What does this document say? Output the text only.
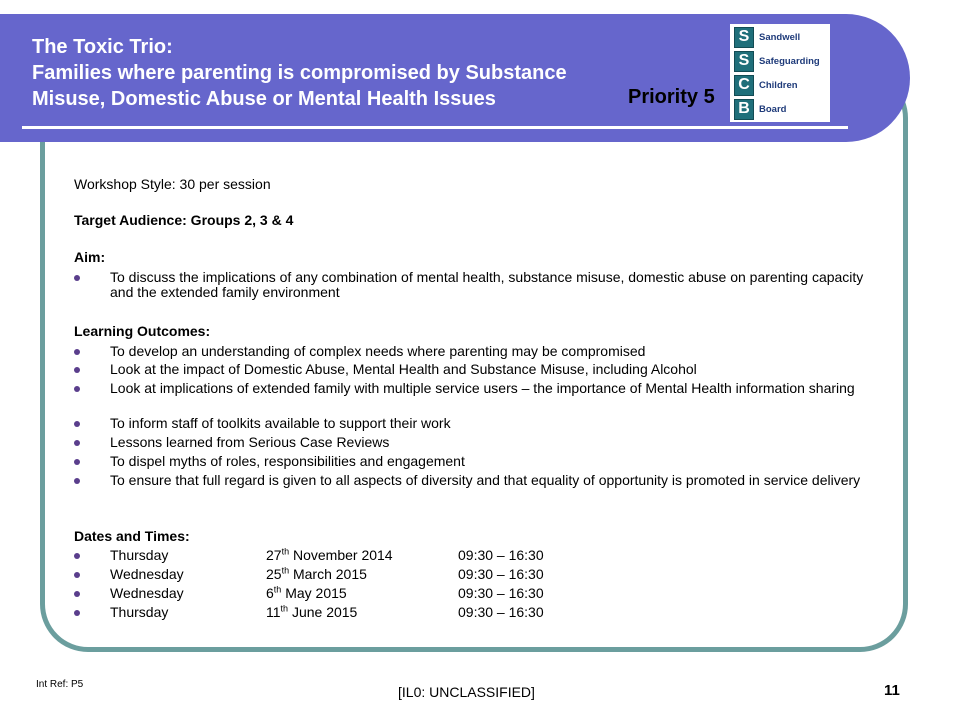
The Toxic Trio:
Families where parenting is compromised by Substance
Misuse, Domestic Abuse or Mental Health Issues	Priority 5
S	Sandwell
S	Safeguarding
C Children
B Board
Workshop Style: 30 per session
Target Audience: Groups 2, 3 & 4
Aim:
To discuss the implications of any combination of mental health, substance misuse, domestic abuse on parenting capacity and the extended family environment
Learning Outcomes:
To develop an understanding of complex needs where parenting may be compromised
Look at the impact of Domestic Abuse, Mental Health and Substance Misuse, including Alcohol
Look at implications of extended family with multiple service users – the importance of Mental Health information sharing
To inform staff of toolkits available to support their work
Lessons learned from Serious Case Reviews
To dispel myths of roles, responsibilities and engagement
To ensure that full regard is given to all aspects of diversity and that equality of opportunity is promoted in service delivery
Dates and Times:
Thursday	27th November 2014	09:30 – 16:30
Wednesday	25th March 2015	09:30 – 16:30
Wednesday	6th May 2015	09:30 – 16:30
Thursday	11th June 2015	09:30 – 16:30
Int Ref: P5	[IL0: UNCLASSIFIED]	11
